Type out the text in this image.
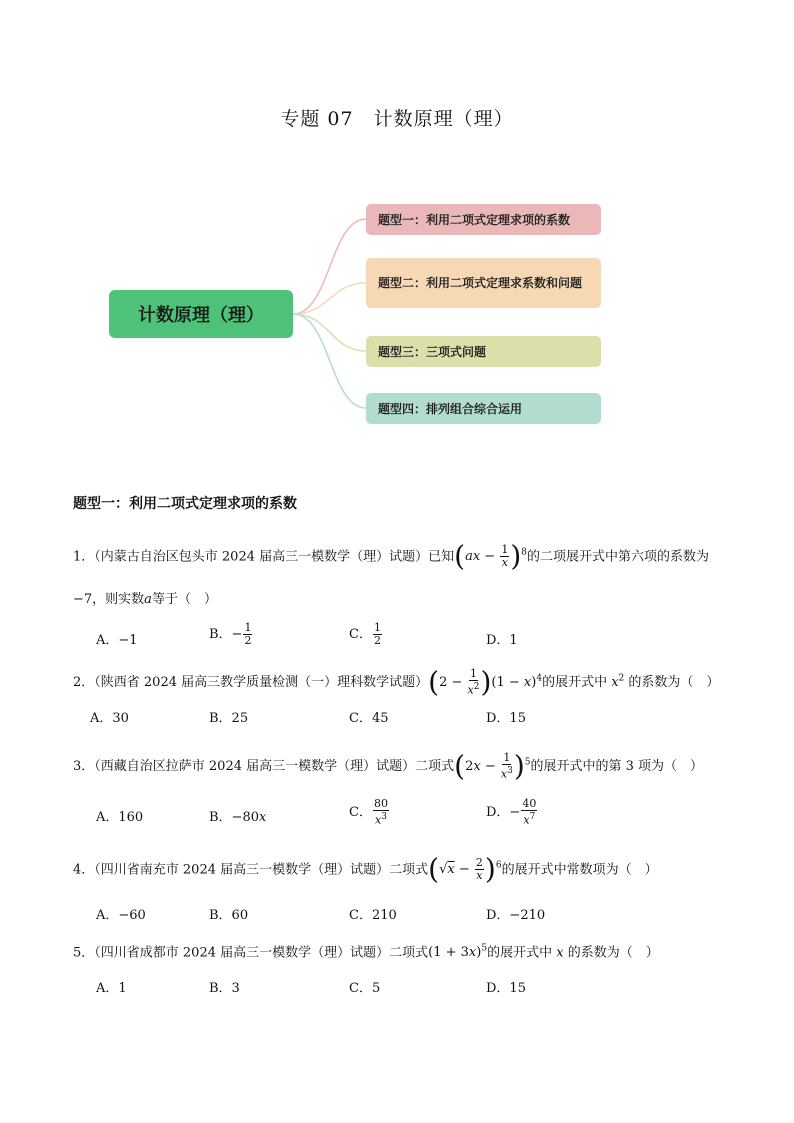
专题 07　计数原理（理）
计数原理（理）
题型一：利用二项式定理求项的系数
题型二：利用二项式定理求系数和问题
题型三：三项式问题
题型四：排列组合综合运用
题型一：利用二项式定理求项的系数
1．（内蒙古自治区包头市 2024 届高三一模数学（理）试题）已知$(ax - \frac{1}{x} )^8$的二项展开式中第六项的系数为
−7，则实数a等于（　）
A．−1	B．− $\frac{1}{2}$	C． $\frac{1}{2}$	D．1
2．（陕西省 2024 届高三教学质量检测（一）理科数学试题）$(2 - \frac{1}{x^2} )(1 - x)^4$的展开式中 $x^2$ 的系数为（　）
A．30	B．25	C．45	D．15
3．（西藏自治区拉萨市 2024 届高三一模数学（理）试题）二项式$(2x - \frac{1}{x^3} )^5$的展开式中的第 3 项为（　）
A．160	B．−80x	C． $\frac{80}{x^3}$	D．− $\frac{40}{x^7}$
4．（四川省南充市 2024 届高三一模数学（理）试题）二项式$(√x - \frac{2}{x} )^6$的展开式中常数项为（　）
A．−60	B．60	C．210	D．−210
5．（四川省成都市 2024 届高三一模数学（理）试题）二项式$(1 + 3x)^5$的展开式中 x 的系数为（　）
A．1	B．3	C．5	D．15
